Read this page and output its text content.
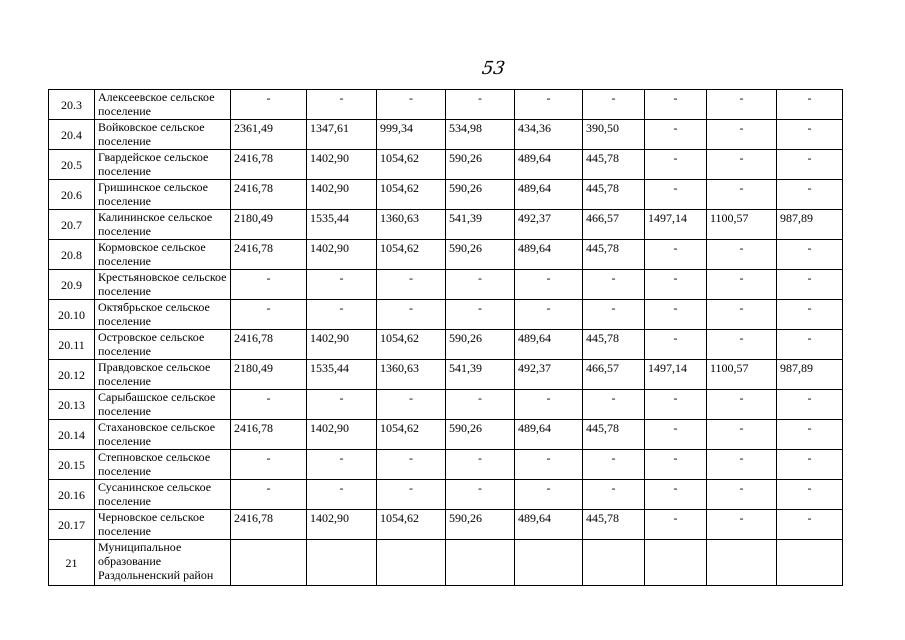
53
20.3	Алексеевское сельское поселение	-	-	-	-	-	-	-	-	-
20.4	Войковское сельское поселение	2361,49	1347,61	999,34	534,98	434,36	390,50	-	-	-
20.5	Гвардейское сельское поселение	2416,78	1402,90	1054,62	590,26	489,64	445,78	-	-	-
20.6	Гришинское сельское поселение	2416,78	1402,90	1054,62	590,26	489,64	445,78	-	-	-
20.7	Калининское сельское поселение	2180,49	1535,44	1360,63	541,39	492,37	466,57	1497,14	1100,57	987,89
20.8	Кормовское сельское поселение	2416,78	1402,90	1054,62	590,26	489,64	445,78	-	-	-
20.9	Крестьяновское сельское поселение	-	-	-	-	-	-	-	-	-
20.10	Октябрьское сельское поселение	-	-	-	-	-	-	-	-	-
20.11	Островское сельское поселение	2416,78	1402,90	1054,62	590,26	489,64	445,78	-	-	-
20.12	Правдовское сельское поселение	2180,49	1535,44	1360,63	541,39	492,37	466,57	1497,14	1100,57	987,89
20.13	Сарыбашское сельское поселение	-	-	-	-	-	-	-	-	-
20.14	Стахановское сельское поселение	2416,78	1402,90	1054,62	590,26	489,64	445,78	-	-	-
20.15	Степновское сельское поселение	-	-	-	-	-	-	-	-	-
20.16	Сусанинское сельское поселение	-	-	-	-	-	-	-	-	-
20.17	Черновское сельское поселение	2416,78	1402,90	1054,62	590,26	489,64	445,78	-	-	-
21	Муниципальное образование Раздольненский район									
